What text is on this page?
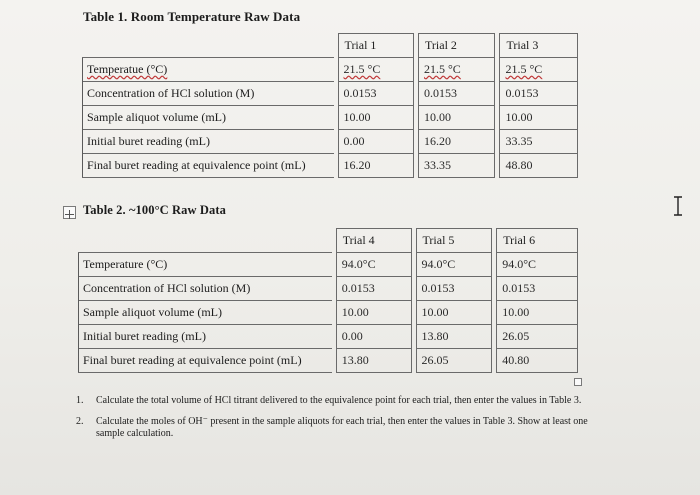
Table 1. Room Temperature Raw Data
		Trial 1		Trial 2		Trial 3
Temperatue (°C)		21.5 °C		21.5 °C		21.5 °C
Concentration of HCl solution (M)		0.0153		0.0153		0.0153
Sample aliquot volume (mL)		10.00		10.00		10.00
Initial buret reading (mL)		0.00		16.20		33.35
Final buret reading at equivalence point (mL)		16.20		33.35		48.80
Table 2. ~100°C Raw Data
		Trial 4		Trial 5		Trial 6
Temperature (°C)		94.0°C		94.0°C		94.0°C
Concentration of HCl solution (M)		0.0153		0.0153		0.0153
Sample aliquot volume (mL)		10.00		10.00		10.00
Initial buret reading (mL)		0.00		13.80		26.05
Final buret reading at equivalence point (mL)		13.80		26.05		40.80
1.	Calculate the total volume of HCl titrant delivered to the equivalence point for each trial, then enter the values in Table 3.
2.	Calculate the moles of OH⁻ present in the sample aliquots for each trial, then enter the values in Table 3. Show at least one sample calculation.
